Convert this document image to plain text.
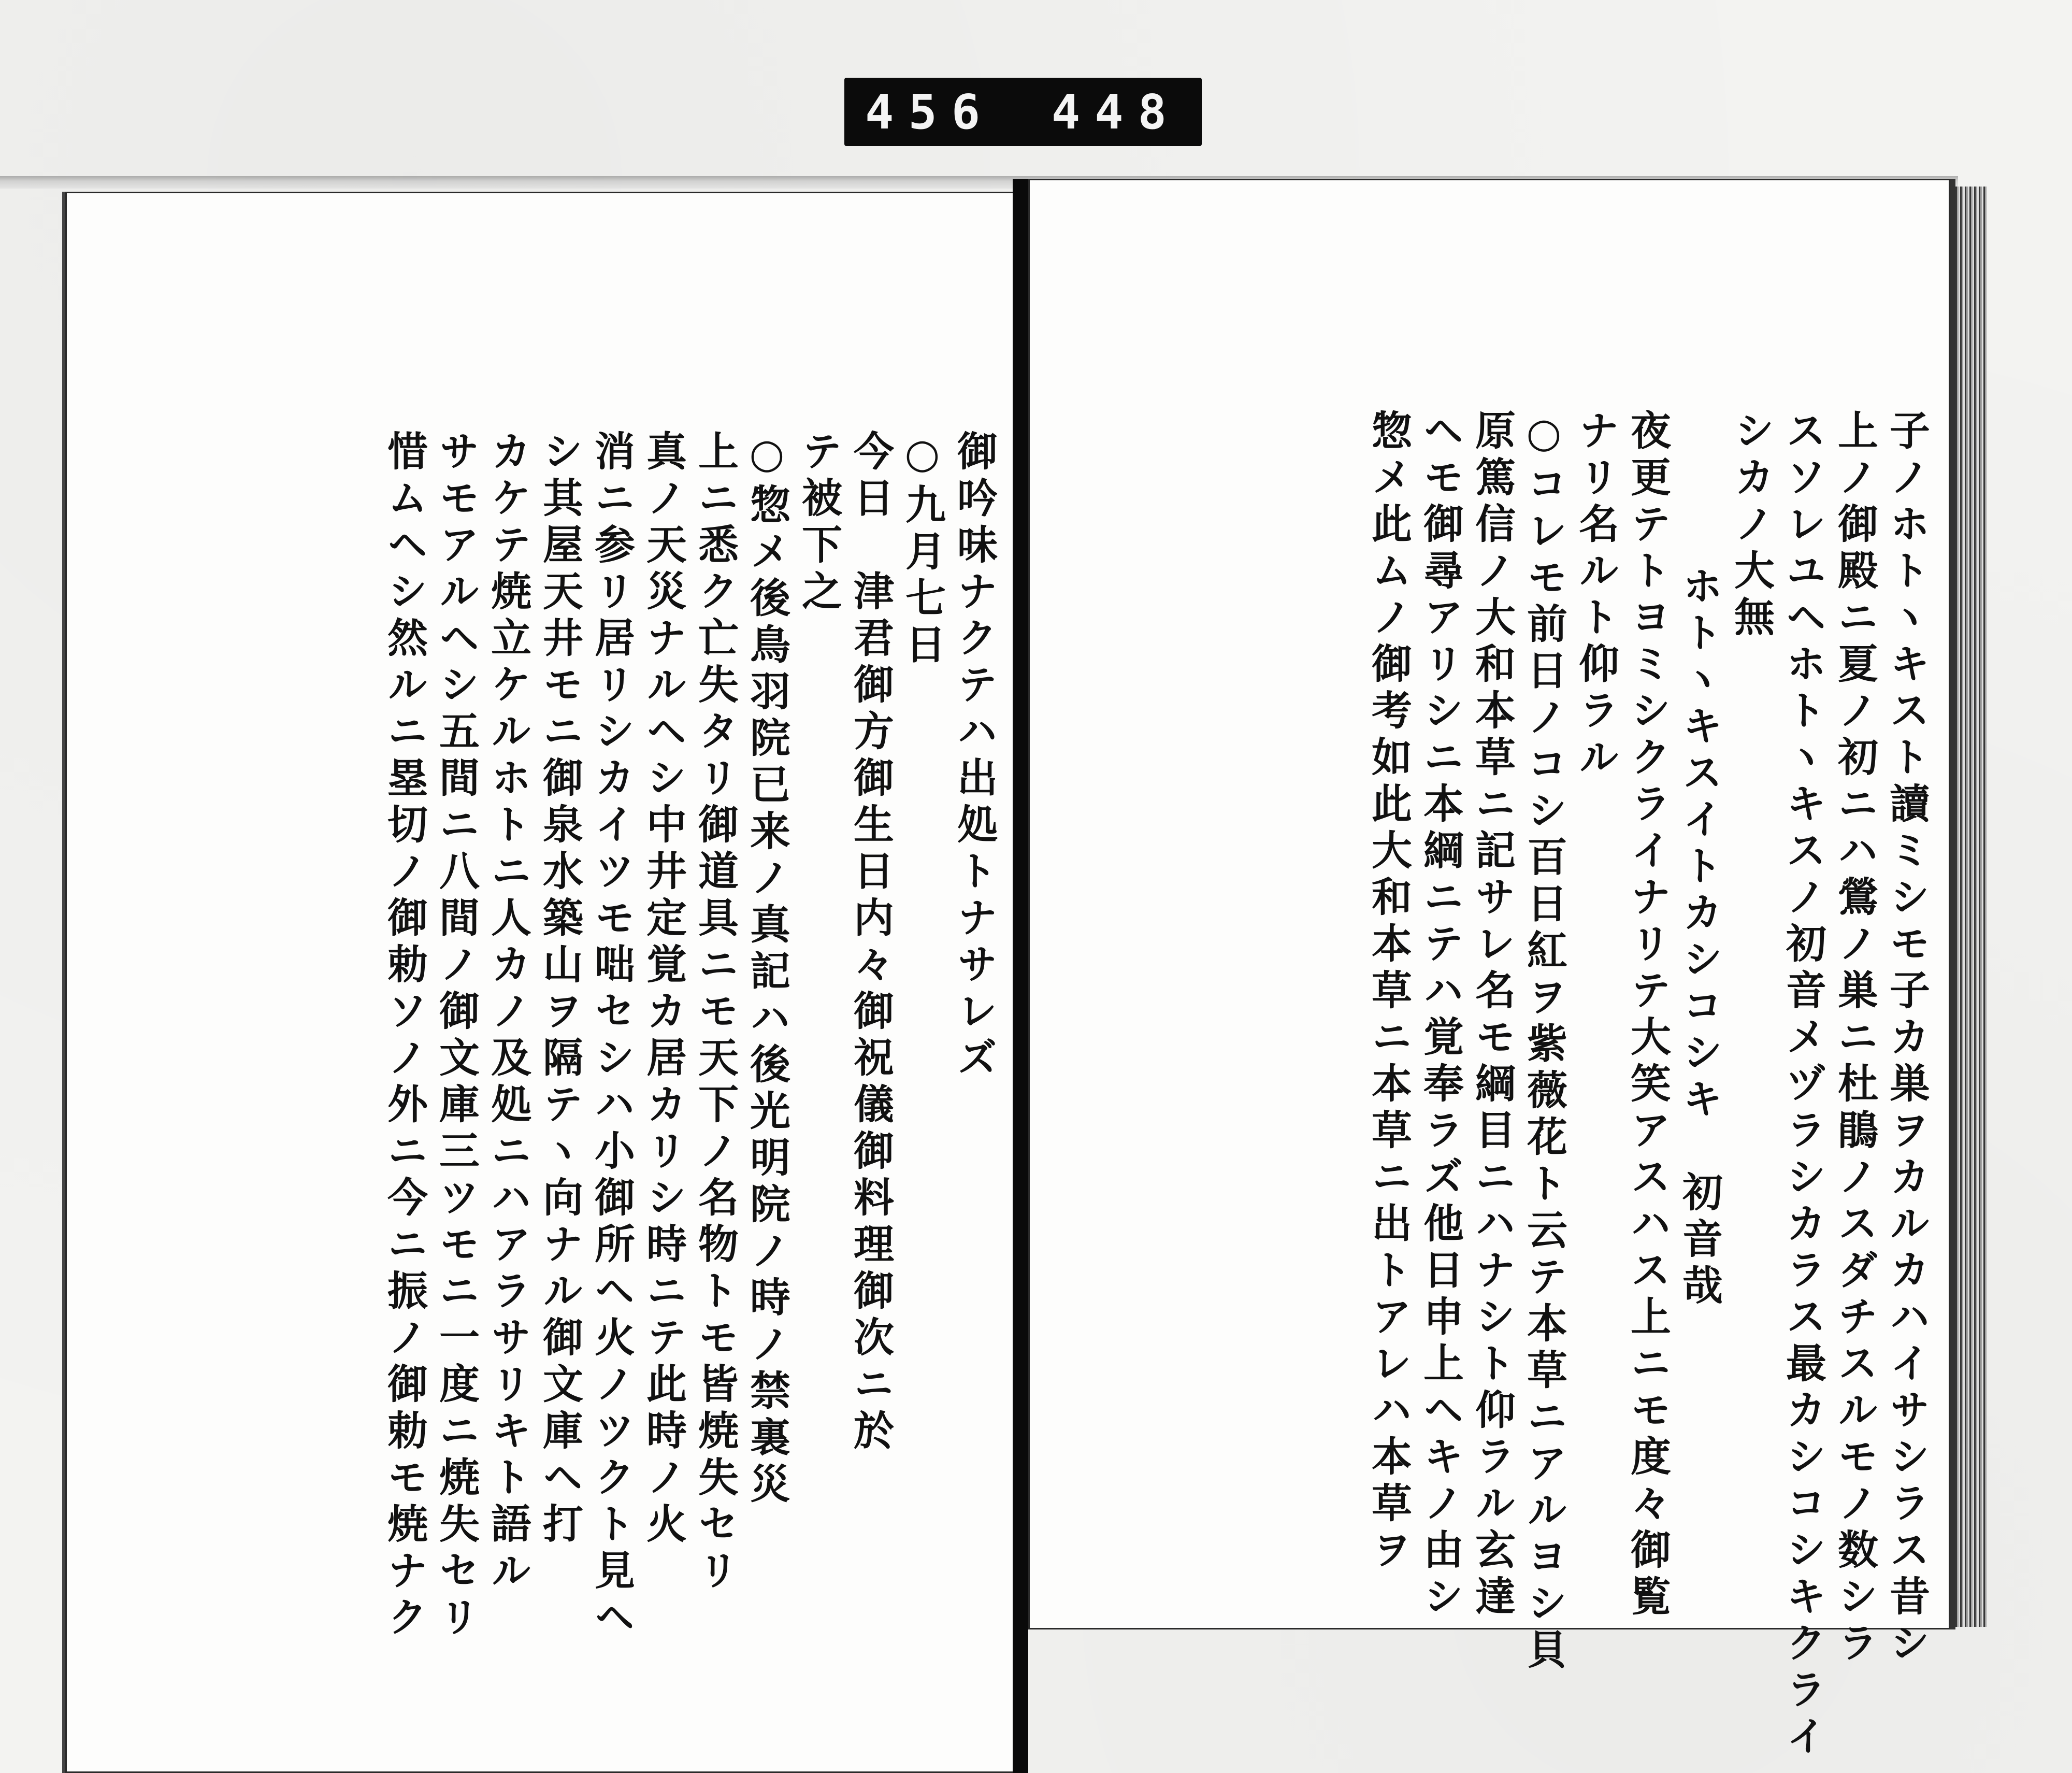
456 448
子ノホトヽキスト讀ミシモ子カ巣ヲカルカハイサシラス昔シ
上ノ御殿ニ夏ノ初ニハ鶯ノ巣ニ杜鵑ノスダチスルモノ数シラ
スソレユヘホトヽキスノ初音メヅラシカラス最カシコシキクライ
シカノ大無
ホトヽキスイトカシコシキ　初音哉
夜更テトヨミシクライナリテ大笑アスハス上ニモ度々御覧
ナリ名ルト仰ラル
○コレモ前日ノコシ百日紅ヲ紫薇花ト云テ本草ニアルヨシ貝
原篤信ノ大和本草ニ記サレ名モ綱目ニハナシト仰ラル玄達
ヘモ御尋アリシニ本綱ニテハ覚奉ラズ他日申上ヘキノ由シ
惣メ此ムノ御考如此大和本草ニ本草ニ出トアレハ本草ヲ
御吟味ナクテハ出処トナサレズ
○九月七日
今日　津君御方御生日内々御祝儀御料理御次ニ於
テ被下之
○惣メ後鳥羽院已来ノ真記ハ後光明院ノ時ノ禁裏災
上ニ悉ク亡失タリ御道具ニモ天下ノ名物トモ皆焼失セリ
真ノ天災ナルヘシ中井定覚カ居カリシ時ニテ此時ノ火
消ニ参リ居リシカイツモ咄セシハ小御所ヘ火ノツクト見ヘ
シ其屋天井モニ御泉水築山ヲ隔テヽ向ナル御文庫ヘ打
カケテ焼立ケルホトニ人カノ及処ニハアラサリキト語ル
サモアルヘシ五間ニ八間ノ御文庫三ツモニ一度ニ焼失セリ
惜ムヘシ然ルニ塁切ノ御勅ソノ外ニ今ニ振ノ御勅モ焼ナク
